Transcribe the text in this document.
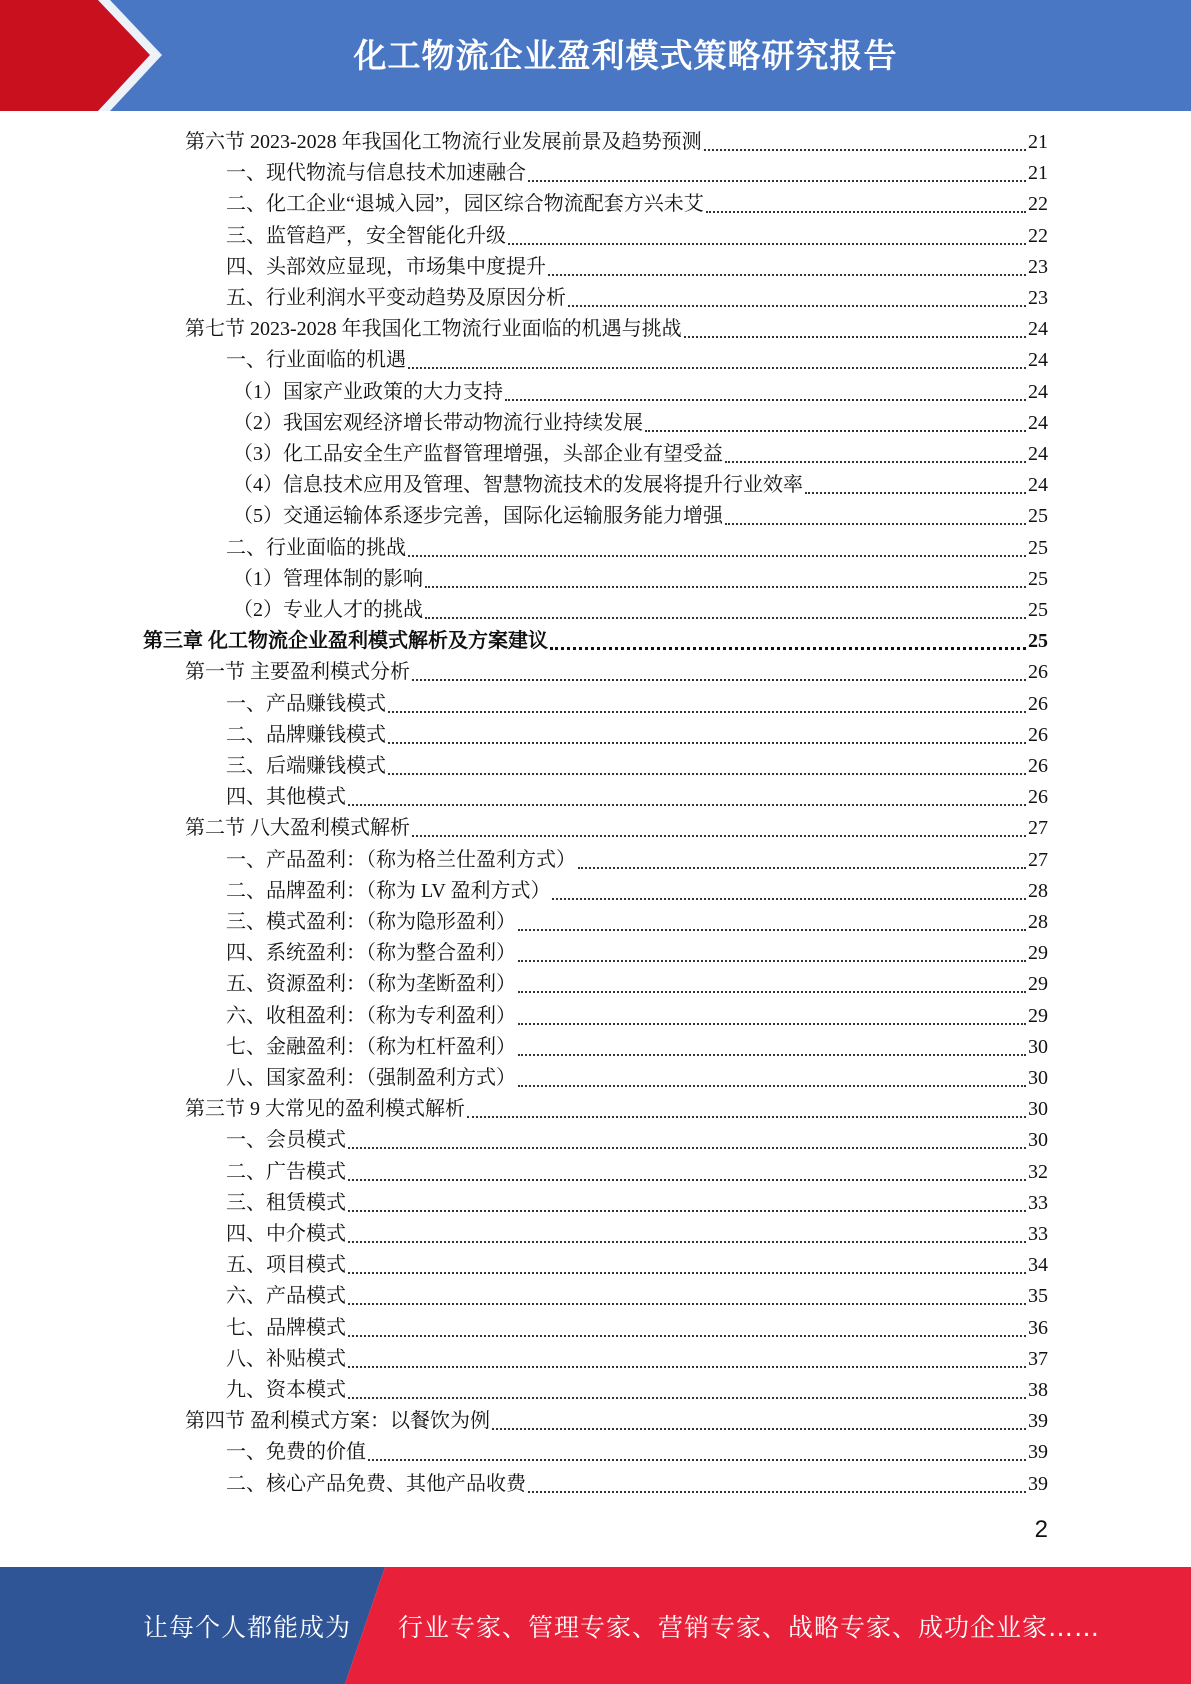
化工物流企业盈利模式策略研究报告
第六节 2023-2028 年我国化工物流行业发展前景及趋势预测	21
一、现代物流与信息技术加速融合	21
二、化工企业“退城入园”，园区综合物流配套方兴未艾	22
三、监管趋严，安全智能化升级	22
四、头部效应显现，市场集中度提升	23
五、行业利润水平变动趋势及原因分析	23
第七节 2023-2028 年我国化工物流行业面临的机遇与挑战	24
一、行业面临的机遇	24
（1）国家产业政策的大力支持	24
（2）我国宏观经济增长带动物流行业持续发展	24
（3）化工品安全生产监督管理增强，头部企业有望受益	24
（4）信息技术应用及管理、智慧物流技术的发展将提升行业效率	24
（5）交通运输体系逐步完善，国际化运输服务能力增强	25
二、行业面临的挑战	25
（1）管理体制的影响	25
（2）专业人才的挑战	25
第三章 化工物流企业盈利模式解析及方案建议	25
第一节 主要盈利模式分析	26
一、产品赚钱模式	26
二、品牌赚钱模式	26
三、后端赚钱模式	26
四、其他模式	26
第二节 八大盈利模式解析	27
一、产品盈利：（称为格兰仕盈利方式）	27
二、品牌盈利：（称为 LV 盈利方式）	28
三、模式盈利：（称为隐形盈利）	28
四、系统盈利：（称为整合盈利）	29
五、资源盈利：（称为垄断盈利）	29
六、收租盈利：（称为专利盈利）	29
七、金融盈利：（称为杠杆盈利）	30
八、国家盈利：（强制盈利方式）	30
第三节 9 大常见的盈利模式解析	30
一、会员模式	30
二、广告模式	32
三、租赁模式	33
四、中介模式	33
五、项目模式	34
六、产品模式	35
七、品牌模式	36
八、补贴模式	37
九、资本模式	38
第四节 盈利模式方案：以餐饮为例	39
一、免费的价值	39
二、核心产品免费、其他产品收费	39
2
让每个人都能成为 行业专家、管理专家、营销专家、战略专家、成功企业家……
